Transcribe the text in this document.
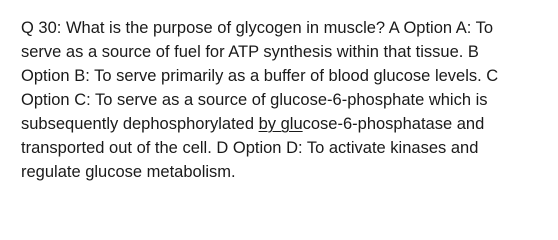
Q 30: What is the purpose of glycogen in muscle? A Option A: To
serve as a source of fuel for ATP synthesis within that tissue. B
Option B: To serve primarily as a buffer of blood glucose levels. C
Option C: To serve as a source of glucose-6-phosphate which is
subsequently dephosphorylated by glucose-6-phosphatase and
transported out of the cell. D Option D: To activate kinases and
regulate glucose metabolism.
